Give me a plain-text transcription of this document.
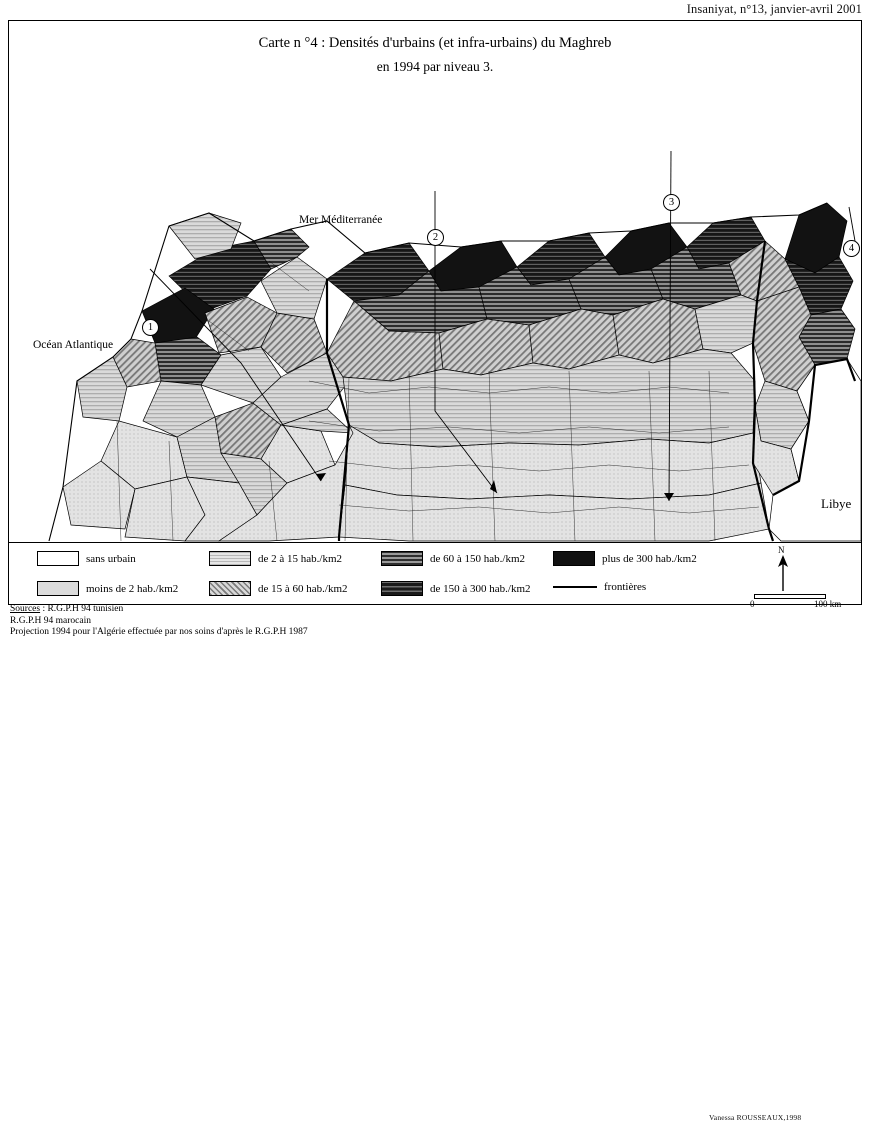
Insaniyat, n°13, janvier-avril 2001
Carte n °4 : Densités d'urbains (et infra-urbains) du Maghreb
en 1994 par niveau 3.
Mer Méditerranée
Océan Atlantique
Libye
1
2
3
4
sans urbain	de 2 à 15 hab./km2	de 60 à 150 hab./km2	plus de 300 hab./km2
moins de 2 hab./km2	de 15 à 60 hab./km2	de 150 à 300 hab./km2	frontières
N
0	100 km
Vanessa ROUSSEAUX,1998
Sources : R.G.P.H 94 tunisien
R.G.P.H 94 marocain
Projection 1994 pour l'Algérie effectuée par nos soins d'après le R.G.P.H 1987
